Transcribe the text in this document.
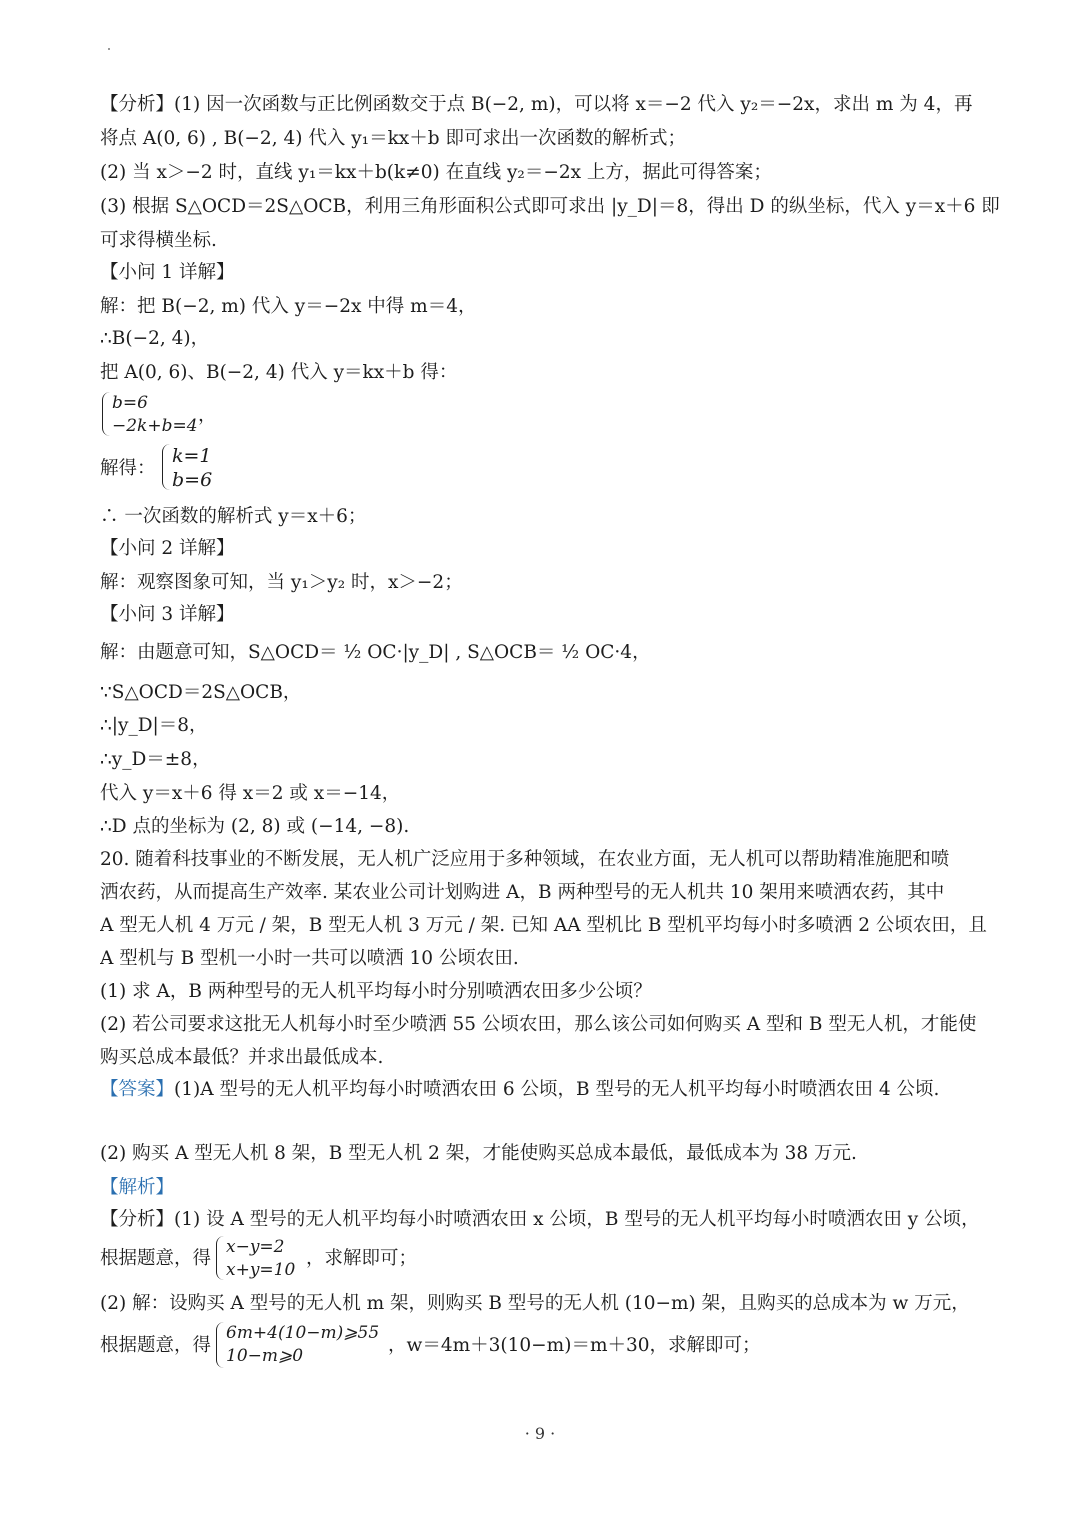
【分析】(1) 因一次函数与正比例函数交于点 B(−2, m)，可以将 x＝−2 代入 y₂＝−2x，求出 m 为 4，再
将点 A(0, 6) , B(−2, 4) 代入 y₁＝kx＋b 即可求出一次函数的解析式；
(2) 当 x＞−2 时，直线 y₁＝kx＋b(k≠0) 在直线 y₂＝−2x 上方，据此可得答案；
(3) 根据 S△OCD＝2S△OCB，利用三角形面积公式即可求出 |y_D|＝8，得出 D 的纵坐标，代入 y＝x＋6 即
可求得横坐标.
【小问 1 详解】
解：把 B(−2, m) 代入 y＝−2x 中得 m＝4，
∴B(−2, 4)，
把 A(0, 6)、B(−2, 4) 代入 y＝kx＋b 得：
b=6
−2k+b=4 ，
解得：
k=1
b=6
∴ 一次函数的解析式 y＝x＋6；
【小问 2 详解】
解：观察图象可知，当 y₁＞y₂ 时，x＞−2；
【小问 3 详解】
解：由题意可知，S△OCD＝ ½ OC·|y_D| , S△OCB＝ ½ OC·4，
∵S△OCD＝2S△OCB，
∴|y_D|＝8，
∴y_D＝±8，
代入 y＝x＋6 得 x＝2 或 x＝−14，
∴D 点的坐标为 (2, 8) 或 (−14, −8).
20. 随着科技事业的不断发展，无人机广泛应用于多种领域，在农业方面，无人机可以帮助精准施肥和喷
洒农药，从而提高生产效率. 某农业公司计划购进 A，B 两种型号的无人机共 10 架用来喷洒农药，其中
A 型无人机 4 万元 / 架，B 型无人机 3 万元 / 架. 已知 AA 型机比 B 型机平均每小时多喷洒 2 公顷农田，且
A 型机与 B 型机一小时一共可以喷洒 10 公顷农田.
(1) 求 A，B 两种型号的无人机平均每小时分别喷洒农田多少公顷？
(2) 若公司要求这批无人机每小时至少喷洒 55 公顷农田，那么该公司如何购买 A 型和 B 型无人机，才能使
购买总成本最低？并求出最低成本.
【答案】(1)A 型号的无人机平均每小时喷洒农田 6 公顷，B 型号的无人机平均每小时喷洒农田 4 公顷.
(2) 购买 A 型无人机 8 架，B 型无人机 2 架，才能使购买总成本最低，最低成本为 38 万元.
【解析】
【分析】(1) 设 A 型号的无人机平均每小时喷洒农田 x 公顷，B 型号的无人机平均每小时喷洒农田 y 公顷，
根据题意，得
x−y=2
x+y=10
，求解即可；
(2) 解：设购买 A 型号的无人机 m 架，则购买 B 型号的无人机 (10−m) 架，且购买的总成本为 w 万元，
根据题意，得
6m+4(10−m)⩾55
10−m⩾0	，w＝4m＋3(10−m)＝m＋30，求解即可；
· 9 ·
